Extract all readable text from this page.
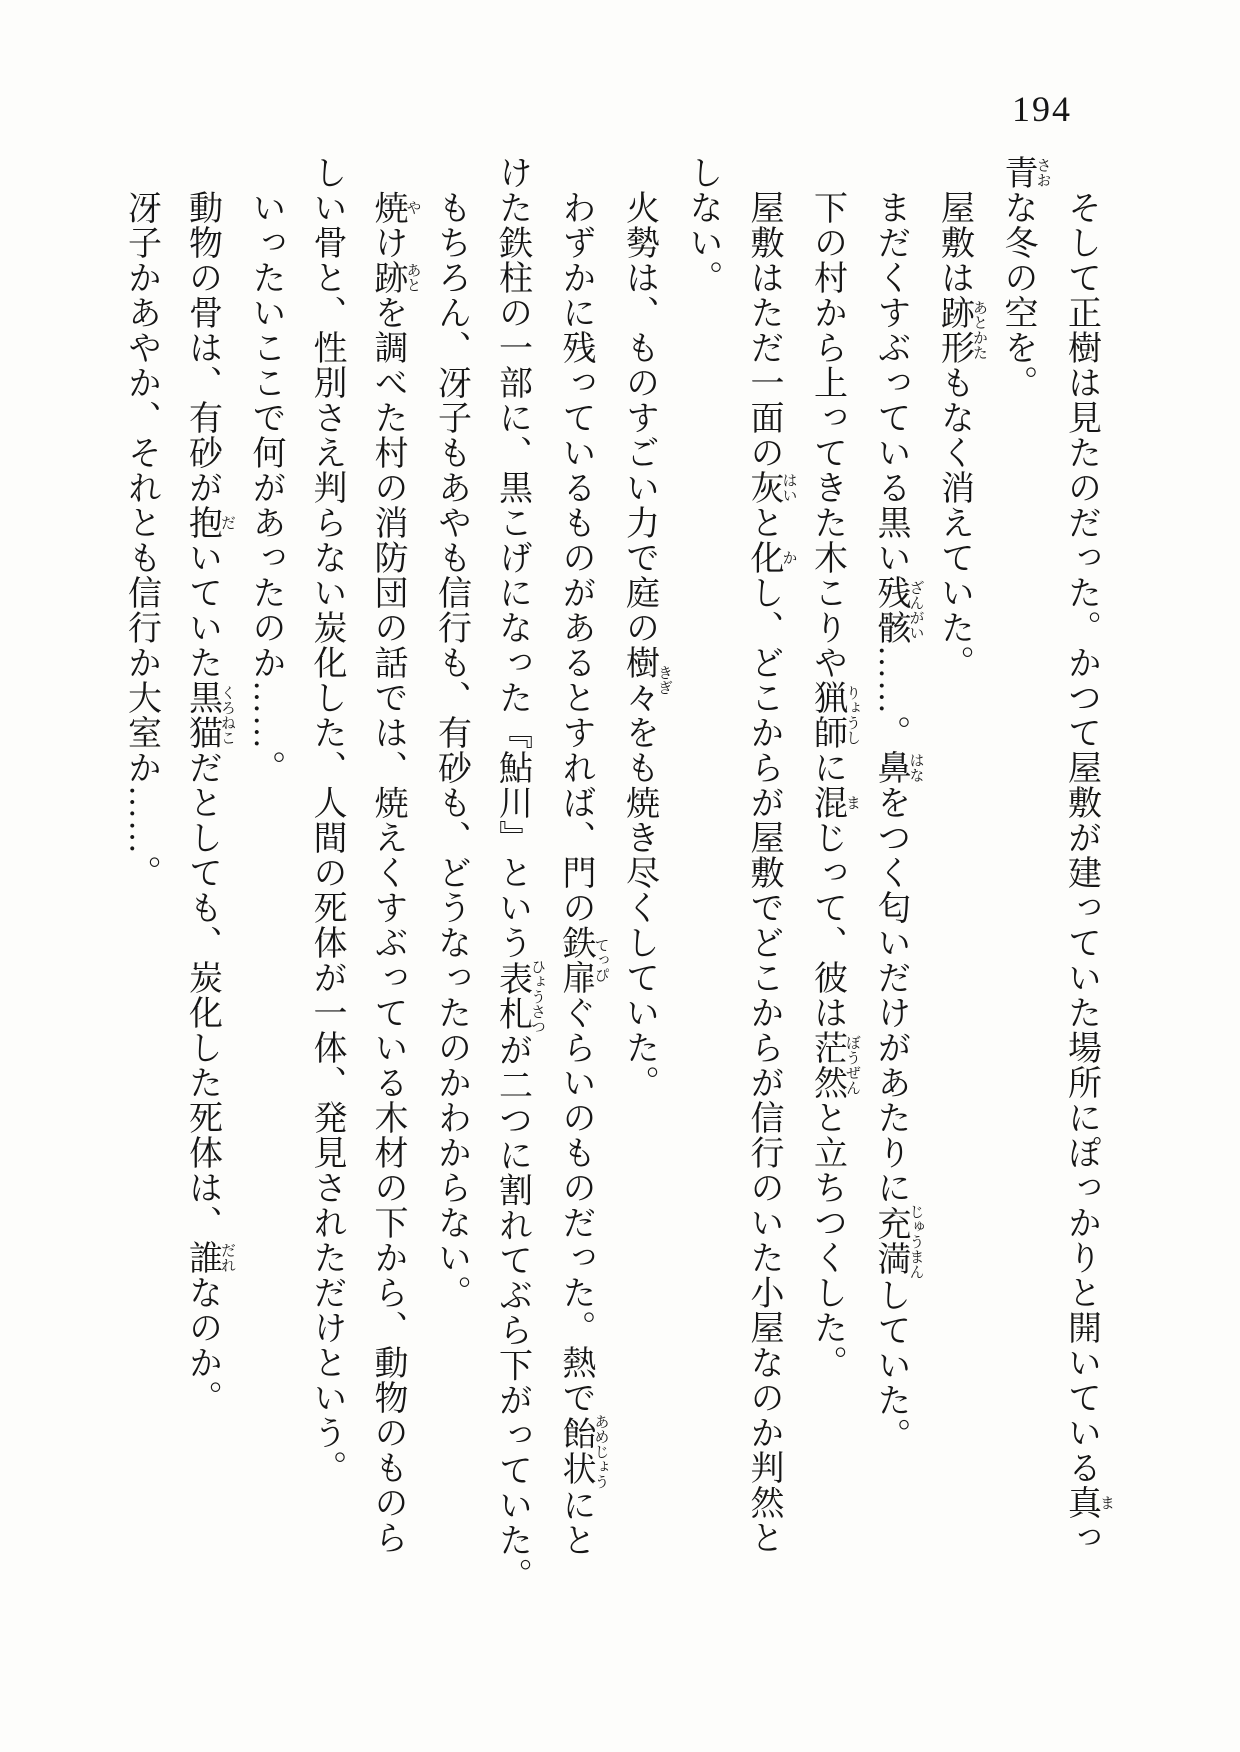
194
そして正樹は見たのだった。かつて屋敷が建っていた場所にぽっかりと開いている真まっ
青さおな冬の空を。
屋敷は跡形あとかたもなく消えていた。
まだくすぶっている黒い残骸ざんがい……。鼻はなをつく匂いだけがあたりに充満じゅうまんしていた。
下の村から上ってきた木こりや猟師りょうしに混まじって、彼は茫然ぼうぜんと立ちつくした。
屋敷はただ一面の灰はいと化かし、どこからが屋敷でどこからが信行のいた小屋なのか判然と
しない。
火勢は、ものすごい力で庭の樹々きぎをも焼き尽くしていた。
わずかに残っているものがあるとすれば、門の鉄扉てっぴぐらいのものだった。熱で飴状あめじょうにと
けた鉄柱の一部に、黒こげになった『鮎川』という表札ひょうさつが二つに割れてぶら下がっていた。
もちろん、冴子もあやも信行も、有砂も、どうなったのかわからない。
焼やけ跡あとを調べた村の消防団の話では、焼えくすぶっている木材の下から、動物のものら
しい骨と、性別さえ判らない炭化した、人間の死体が一体、発見されただけという。
いったいここで何があったのか……。
動物の骨は、有砂が抱だいていた黒猫くろねこだとしても、炭化した死体は、誰だれなのか。
冴子かあやか、それとも信行か大室か……。
